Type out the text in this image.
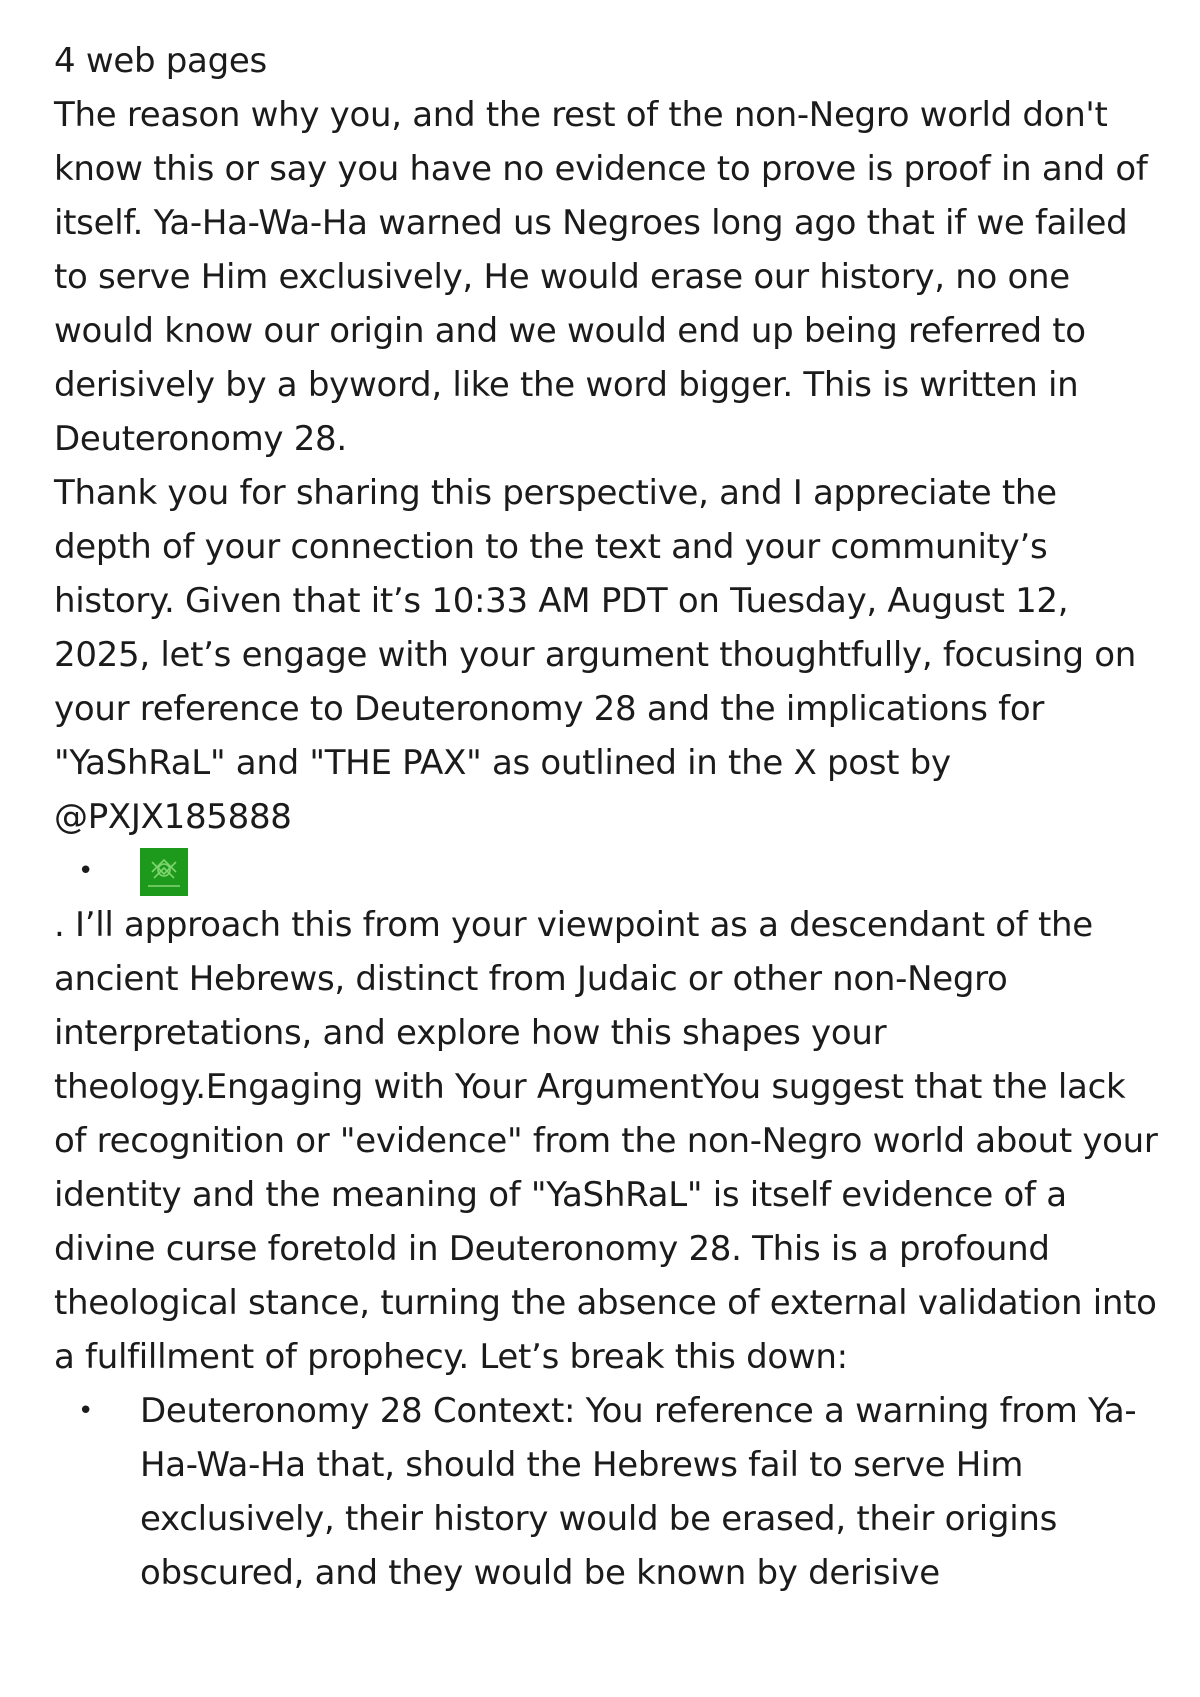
4 web pages

The reason why you, and the rest of the non-Negro world don't know this or say you have no evidence to prove is proof in and of itself. Ya-Ha-Wa-Ha warned us Negroes long ago that if we failed to serve Him exclusively, He would erase our history, no one would know our origin and we would end up being referred to derisively by a byword, like the word bigger. This is written in Deuteronomy 28.

Thank you for sharing this perspective, and I appreciate the depth of your connection to the text and your community’s history. Given that it’s 10:33 AM PDT on Tuesday, August 12, 2025, let’s engage with your argument thoughtfully, focusing on your reference to Deuteronomy 28 and the implications for "YaShRaL" and "THE PAX" as outlined in the X post by @PXJX185888

•

. I’ll approach this from your viewpoint as a descendant of the ancient Hebrews, distinct from Judaic or other non-Negro interpretations, and explore how this shapes your theology.Engaging with Your ArgumentYou suggest that the lack of recognition or "evidence" from the non-Negro world about your identity and the meaning of "YaShRaL" is itself evidence of a divine curse foretold in Deuteronomy 28. This is a profound theological stance, turning the absence of external validation into a fulfillment of prophecy. Let’s break this down:

• Deuteronomy 28 Context: You reference a warning from Ya-Ha-Wa-Ha that, should the Hebrews fail to serve Him exclusively, their history would be erased, their origins obscured, and they would be known by derisive
